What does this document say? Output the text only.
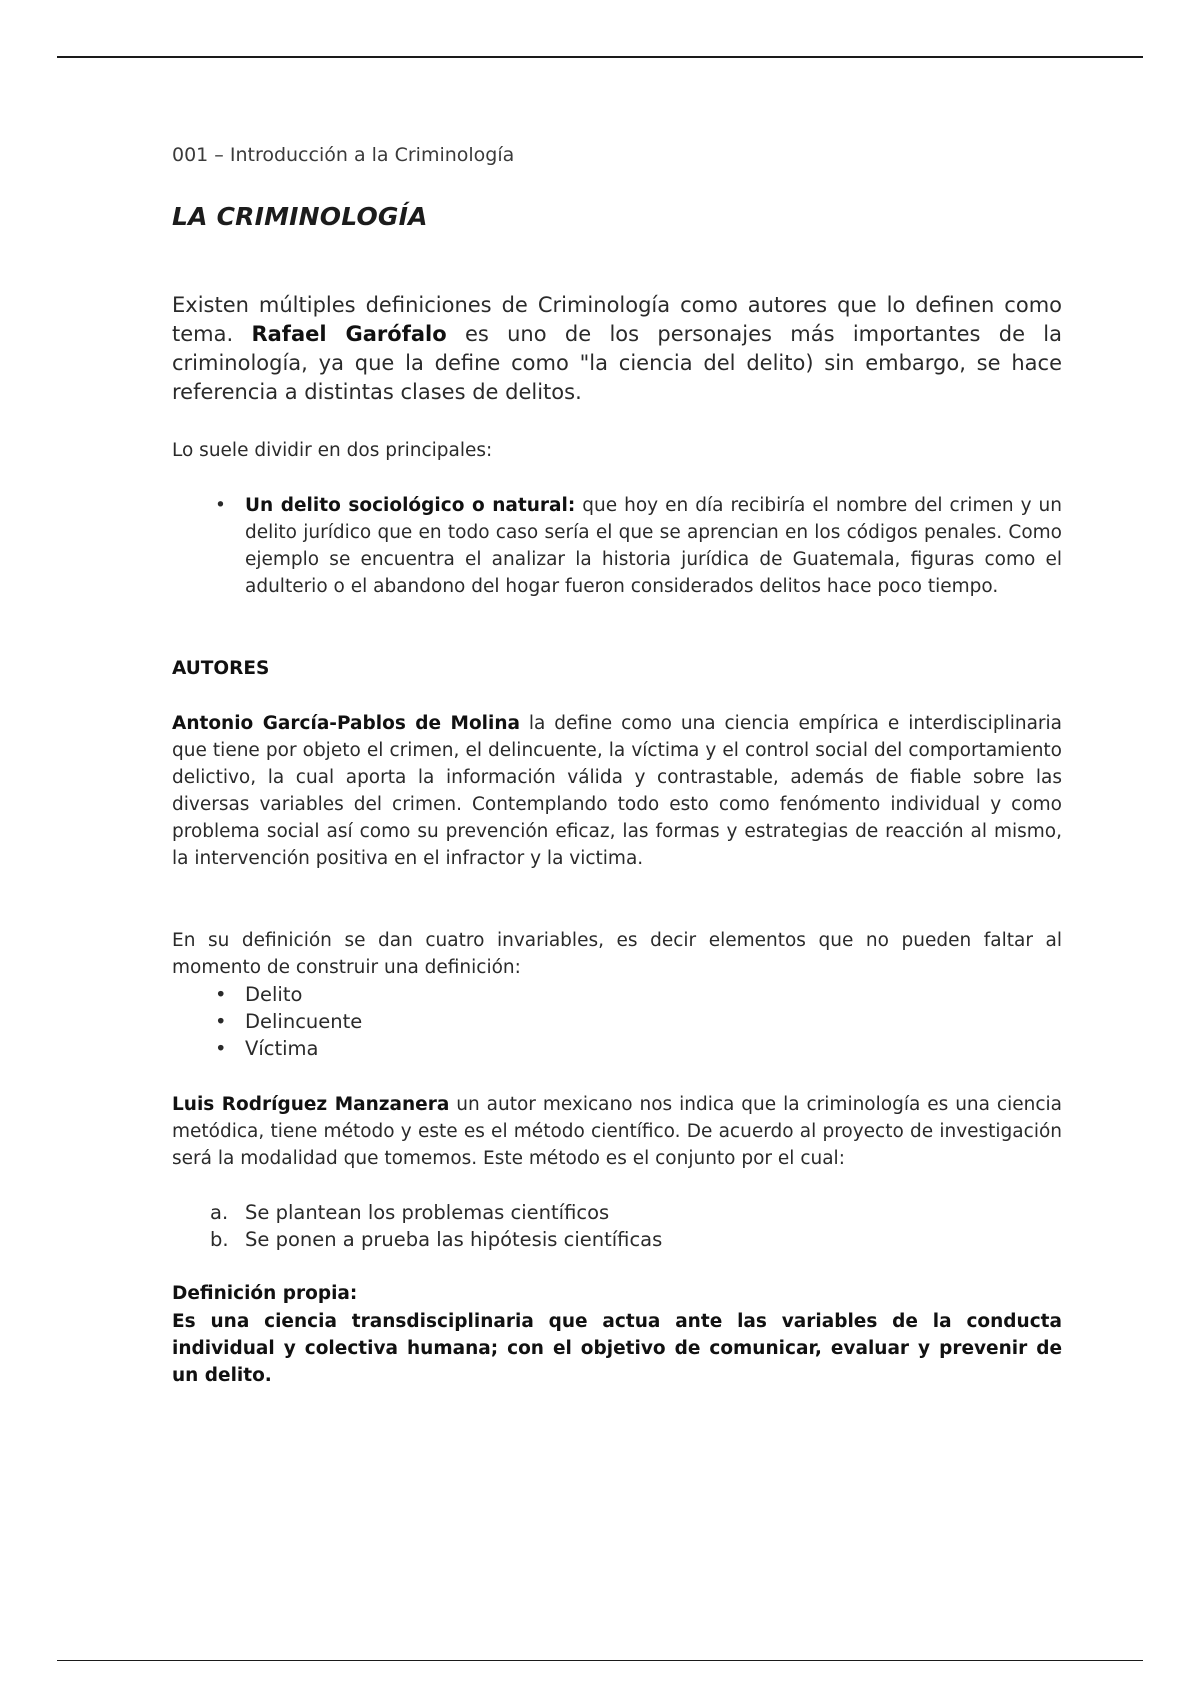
001 – Introducción a la Criminología
LA CRIMINOLOGÍA
Existen múltiples definiciones de Criminología como autores que lo definen como tema. Rafael Garófalo es uno de los personajes más importantes de la criminología, ya que la define como "la ciencia del delito) sin embargo, se hace referencia a distintas clases de delitos.
Lo suele dividir en dos principales:
• Un delito sociológico o natural: que hoy en día recibiría el nombre del crimen y un delito jurídico que en todo caso sería el que se aprencian en los códigos penales. Como ejemplo se encuentra el analizar la historia jurídica de Guatemala, figuras como el adulterio o el abandono del hogar fueron considerados delitos hace poco tiempo.
AUTORES
Antonio García-Pablos de Molina la define como una ciencia empírica e interdisciplinaria que tiene por objeto el crimen, el delincuente, la víctima y el control social del comportamiento delictivo, la cual aporta la información válida y contrastable, además de fiable sobre las diversas variables del crimen. Contemplando todo esto como fenómento individual y como problema social así como su prevención eficaz, las formas y estrategias de reacción al mismo, la intervención positiva en el infractor y la victima.
En su definición se dan cuatro invariables, es decir elementos que no pueden faltar al momento de construir una definición:
• Delito
• Delincuente
• Víctima
Luis Rodríguez Manzanera un autor mexicano nos indica que la criminología es una ciencia metódica, tiene método y este es el método científico. De acuerdo al proyecto de investigación será la modalidad que tomemos. Este método es el conjunto por el cual:
a. Se plantean los problemas científicos
b. Se ponen a prueba las hipótesis científicas
Definición propia:
Es una ciencia transdisciplinaria que actua ante las variables de la conducta individual y colectiva humana; con el objetivo de comunicar, evaluar y prevenir de un delito.
